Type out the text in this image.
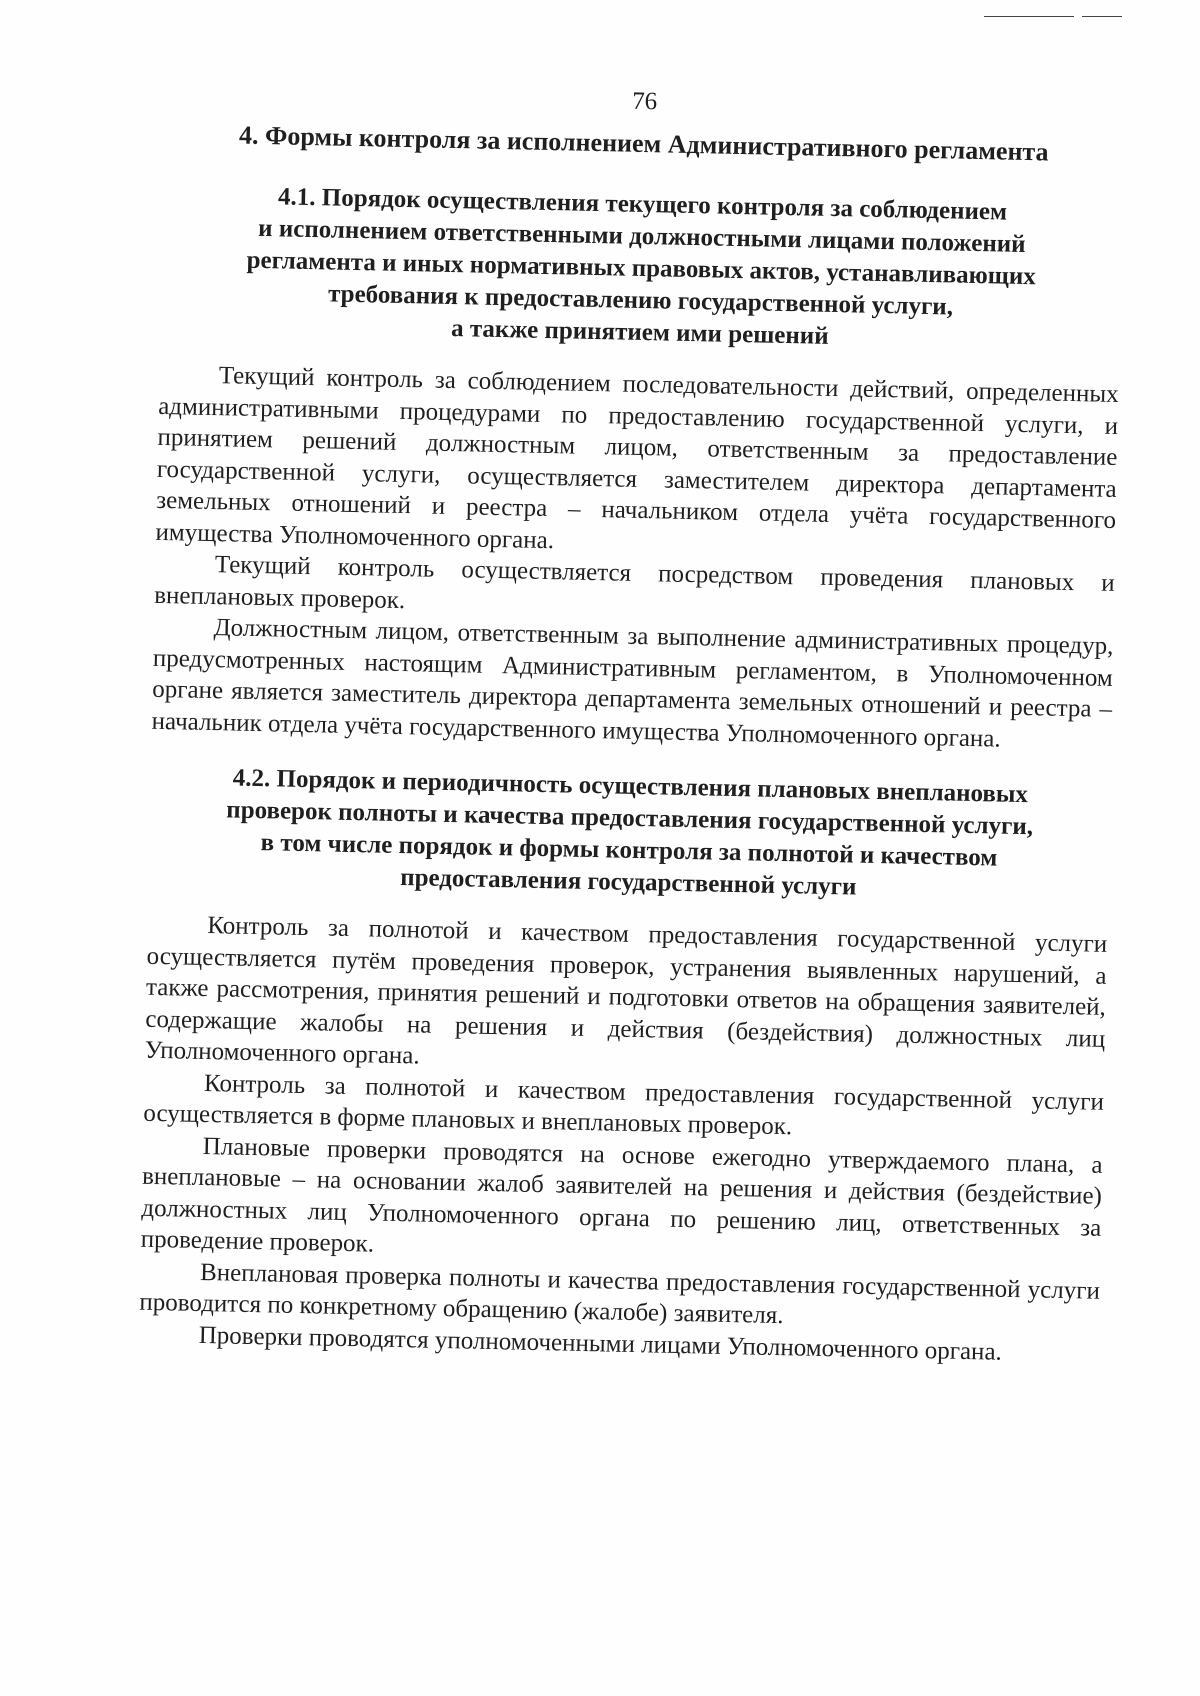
76
4. Формы контроля за исполнением Административного регламента
4.1. Порядок осуществления текущего контроля за соблюдением
и исполнением ответственными должностными лицами положений
регламента и иных нормативных правовых актов, устанавливающих
требования к предоставлению государственной услуги,
а также принятием ими решений

Текущий контроль за соблюдением последовательности действий, определенных административными процедурами по предоставлению государственной услуги, и принятием решений должностным лицом, ответственным за предоставление государственной услуги, осуществляется заместителем директора департамента земельных отношений и реестра – начальником отдела учёта государственного имущества Уполномоченного органа.

Текущий контроль осуществляется посредством проведения плановых и внеплановых проверок.

Должностным лицом, ответственным за выполнение административных процедур, предусмотренных настоящим Административным регламентом, в Уполномоченном органе является заместитель директора департамента земельных отношений и реестра – начальник отдела учёта государственного имущества Уполномоченного органа.

4.2. Порядок и периодичность осуществления плановых внеплановых
проверок полноты и качества предоставления государственной услуги,
в том числе порядок и формы контроля за полнотой и качеством
предоставления государственной услуги

Контроль за полнотой и качеством предоставления государственной услуги осуществляется путём проведения проверок, устранения выявленных нарушений, а также рассмотрения, принятия решений и подготовки ответов на обращения заявителей, содержащие жалобы на решения и действия (бездействия) должностных лиц Уполномоченного органа.

Контроль за полнотой и качеством предоставления государственной услуги осуществляется в форме плановых и внеплановых проверок.

Плановые проверки проводятся на основе ежегодно утверждаемого плана, а внеплановые – на основании жалоб заявителей на решения и действия (бездействие) должностных лиц Уполномоченного органа по решению лиц, ответственных за проведение проверок.

Внеплановая проверка полноты и качества предоставления государственной услуги проводится по конкретному обращению (жалобе) заявителя.

Проверки проводятся уполномоченными лицами Уполномоченного органа.
